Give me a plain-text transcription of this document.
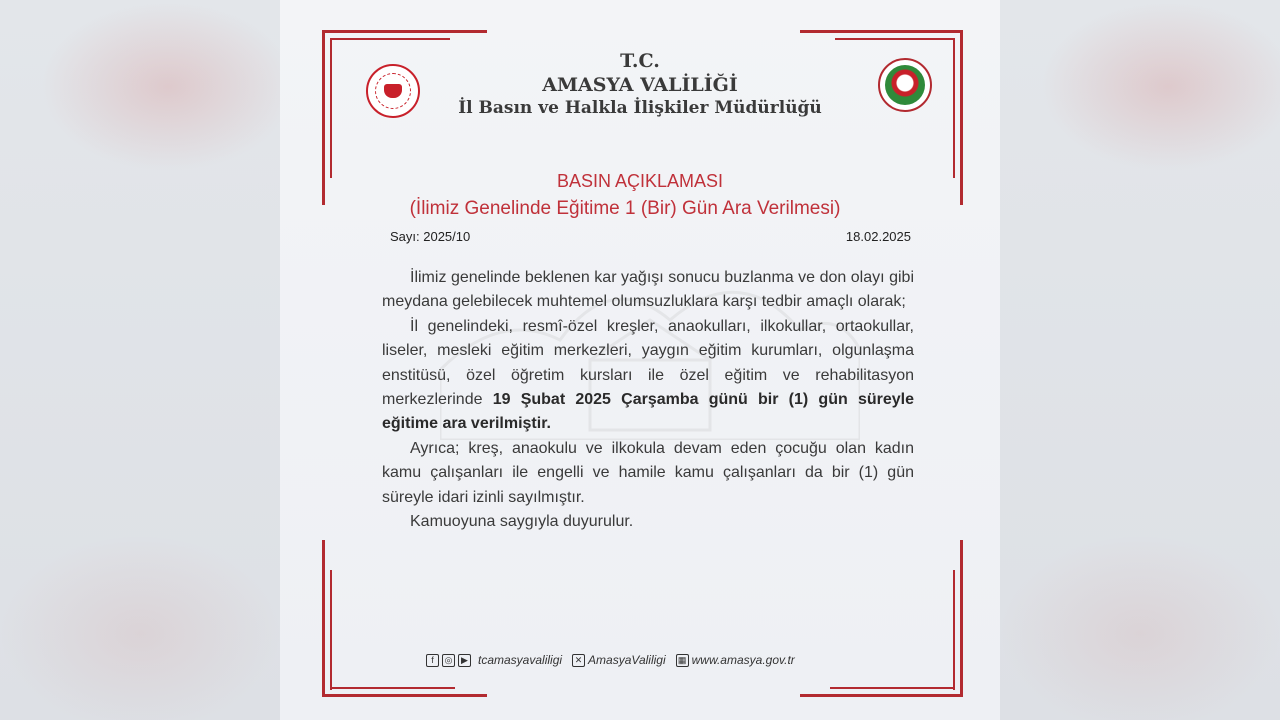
T.C.
AMASYA VALİLİĞİ
İl Basın ve Halkla İlişkiler Müdürlüğü
BASIN AÇIKLAMASI
(İlimiz Genelinde Eğitime 1 (Bir) Gün Ara Verilmesi)
Sayı: 2025/10	18.02.2025

İlimiz genelinde beklenen kar yağışı sonucu buzlanma ve don olayı gibi meydana gelebilecek muhtemel olumsuzluklara karşı tedbir amaçlı olarak;

İl genelindeki, resmî-özel kreşler, anaokulları, ilkokullar, ortaokullar, liseler, mesleki eğitim merkezleri, yaygın eğitim kurumları, olgunlaşma enstitüsü, özel öğretim kursları ile özel eğitim ve rehabilitasyon merkezlerinde 19 Şubat 2025 Çarşamba günü bir (1) gün süreyle eğitime ara verilmiştir.

Ayrıca; kreş, anaokulu ve ilkokula devam eden çocuğu olan kadın kamu çalışanları ile engelli ve hamile kamu çalışanları da bir (1) gün süreyle idari izinli sayılmıştır.

Kamuoyuna saygıyla duyurulur.

f	◎ ▶ tcamasyavaliligi	✕ AmasyaValiligi ▦ www.amasya.gov.tr
